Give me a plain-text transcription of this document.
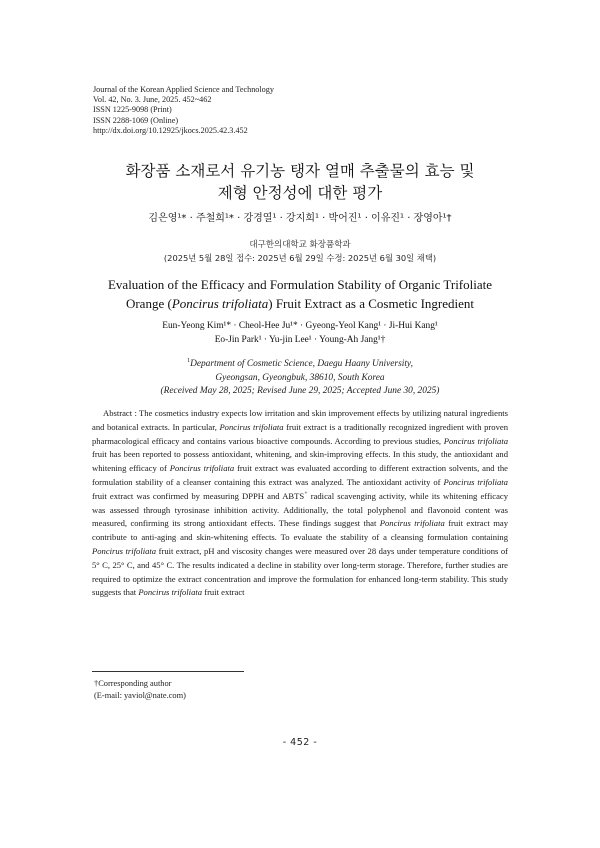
Journal of the Korean Applied Science and Technology
Vol. 42, No. 3. June, 2025. 452~462
ISSN 1225-9098 (Print)
ISSN 2288-1069 (Online)
http://dx.doi.org/10.12925/jkocs.2025.42.3.452
화장품 소재로서 유기농 탱자 열매 추출물의 효능 및
제형 안정성에 대한 평가
김은영¹* · 주철희¹* · 강경열¹ · 강지희¹ · 박어진¹ · 이유진¹ · 장영아¹†
대구한의대학교 화장품학과
(2025년 5월 28일 접수: 2025년 6월 29일 수정: 2025년 6월 30일 채택)
Evaluation of the Efficacy and Formulation Stability of Organic Trifoliate
Orange (Poncirus trifoliata) Fruit Extract as a Cosmetic Ingredient
Eun-Yeong Kim¹* · Cheol-Hee Ju¹* · Gyeong-Yeol Kang¹ · Ji-Hui Kang¹
Eo-Jin Park¹ · Yu-jin Lee¹ · Young-Ah Jang¹†
$^1$Department of Cosmetic Science, Daegu Haany University,
Gyeongsan, Gyeongbuk, 38610, South Korea
(Received May 28, 2025; Revised June 29, 2025; Accepted June 30, 2025)

Abstract : The cosmetics industry expects low irritation and skin improvement effects by utilizing natural ingredients and botanical extracts. In particular, Poncirus trifoliata fruit extract is a traditionally recognized ingredient with proven pharmacological efficacy and contains various bioactive compounds. According to previous studies, Poncirus trifoliata fruit has been reported to possess antioxidant, whitening, and skin-improving effects. In this study, the antioxidant and whitening efficacy of Poncirus trifoliata fruit extract was evaluated according to different extraction solvents, and the formulation stability of a cleanser containing this extract was analyzed. The antioxidant activity of Poncirus trifoliata fruit extract was confirmed by measuring DPPH and ABTS+ radical scavenging activity, while its whitening efficacy was assessed through tyrosinase inhibition activity. Additionally, the total polyphenol and flavonoid content was measured, confirming its strong antioxidant effects. These findings suggest that Poncirus trifoliata fruit extract may contribute to anti-aging and skin-whitening effects. To evaluate the stability of a cleansing formulation containing Poncirus trifoliata fruit extract, pH and viscosity changes were measured over 28 days under temperature conditions of 5° C, 25° C, and 45° C. The results indicated a decline in stability over long-term storage. Therefore, further studies are required to optimize the extract concentration and improve the formulation for enhanced long-term stability. This study suggests that Poncirus trifoliata fruit extract

†Corresponding author
(E-mail: yaviol@nate.com)
- 452 -
